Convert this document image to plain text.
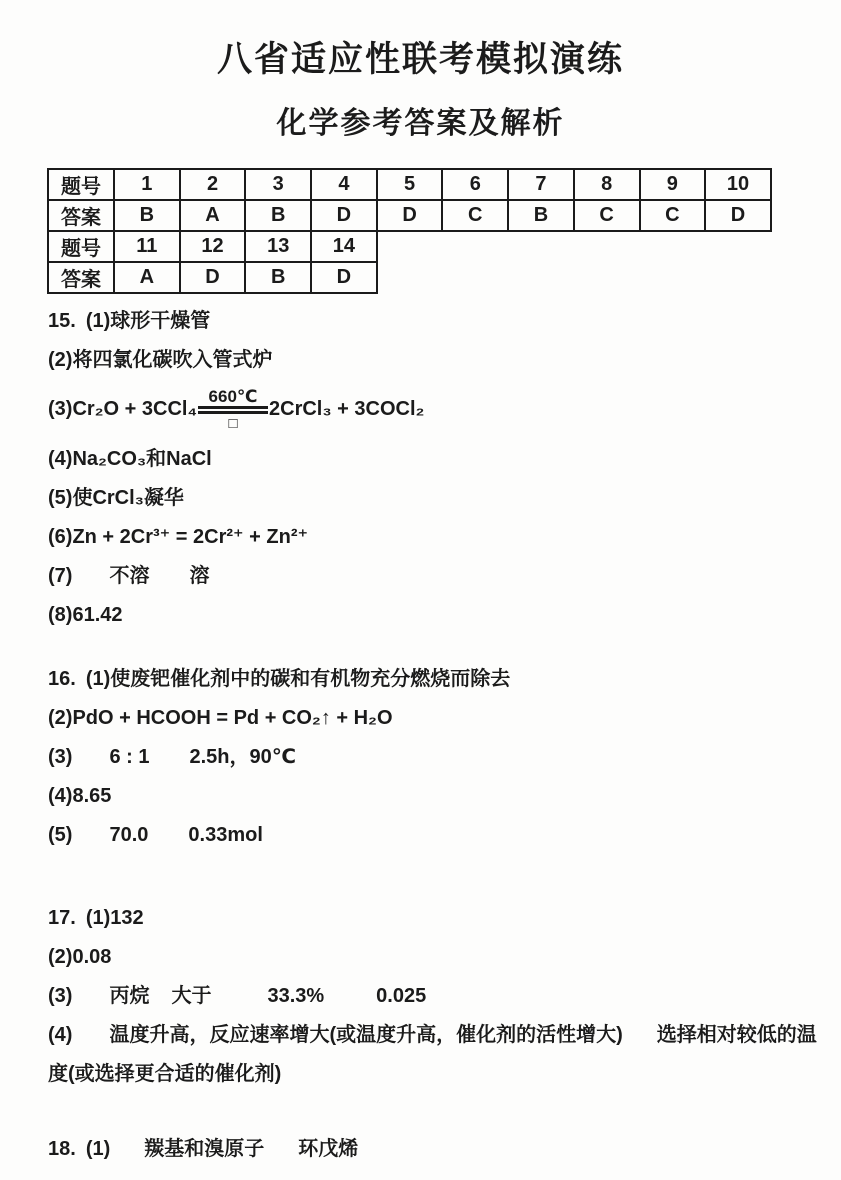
八省适应性联考模拟演练
化学参考答案及解析
题号	1	2	3	4	5	6	7	8	9	10
答案	B	A	B	D	D	C	B	C	C	D
题号	11	12	13	14
答案	A	D	B	D
15. (1)球形干燥管
(2)将四氯化碳吹入管式炉
(3)Cr₂O + 3CCl₄
660℃
□
2CrCl₃ + 3COCl₂
(4)Na₂CO₃和NaCl
(5)使CrCl₃凝华
(6)Zn + 2Cr³⁺ = 2Cr²⁺ + Zn²⁺
(7) 不溶 溶
(8)61.42
16. (1)使废钯催化剂中的碳和有机物充分燃烧而除去
(2)PdO + HCOOH = Pd + CO₂↑ + H₂O
(3) 6 : 1 2.5h，90℃
(4)8.65
(5) 70.0 0.33mol
17. (1)132
(2)0.08
(3) 丙烷 大于	33.3%	0.025
(4) 温度升高，反应速率增大(或温度升高，催化剂的活性增大) 选择相对较低的温
度(或选择更合适的催化剂)
18. (1) 羰基和溴原子 环戊烯
